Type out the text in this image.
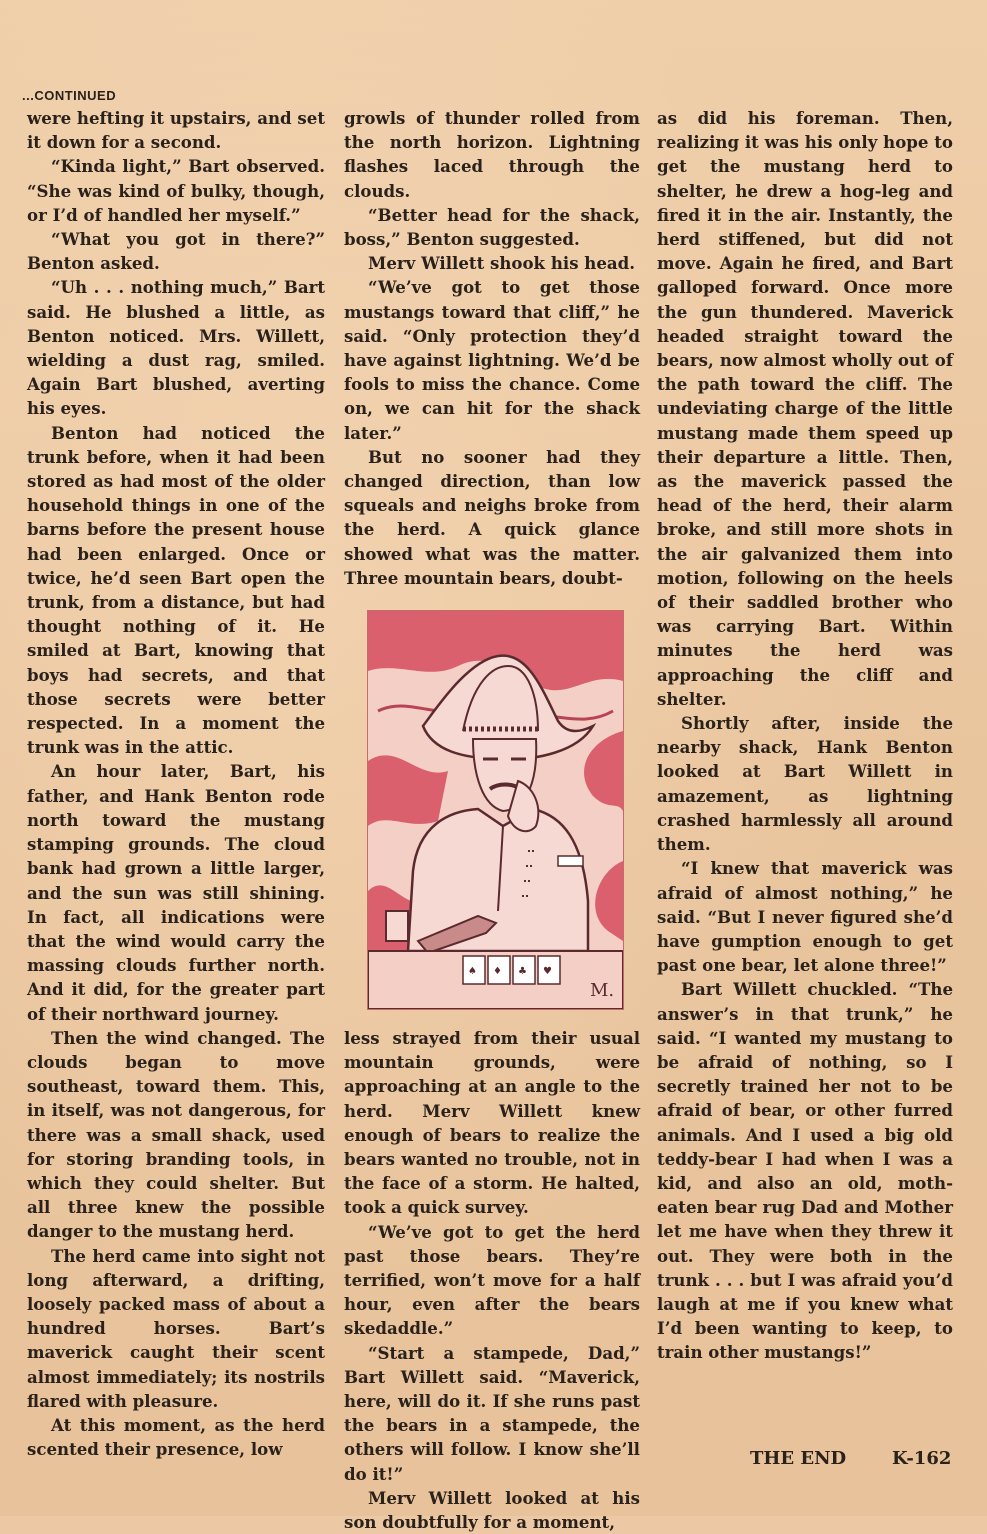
...CONTINUED

were hefting it upstairs, and set it down for a second.

“Kinda light,” Bart observed. “She was kind of bulky, though, or I’d of handled her myself.”

“What you got in there?” Benton asked.

“Uh . . . nothing much,” Bart said. He blushed a little, as Benton noticed. Mrs. Willett, wielding a dust rag, smiled. Again Bart blushed, averting his eyes.

Benton had noticed the trunk before, when it had been stored as had most of the older household things in one of the barns before the present house had been enlarged. Once or twice, he’d seen Bart open the trunk, from a distance, but had thought nothing of it. He smiled at Bart, knowing that boys had secrets, and that those secrets were better respected. In a moment the trunk was in the attic.

An hour later, Bart, his father, and Hank Benton rode north toward the mustang stamping grounds. The cloud bank had grown a little larger, and the sun was still shining. In fact, all indications were that the wind would carry the massing clouds further north. And it did, for the greater part of their northward journey.

Then the wind changed. The clouds began to move southeast, toward them. This, in itself, was not dangerous, for there was a small shack, used for storing branding tools, in which they could shelter. But all three knew the possible danger to the mustang herd.

The herd came into sight not long afterward, a drifting, loosely packed mass of about a hundred horses. Bart’s maverick caught their scent almost immediately; its nostrils flared with pleasure.

At this moment, as the herd scented their presence, low

growls of thunder rolled from the north horizon. Lightning flashes laced through the clouds.

“Better head for the shack, boss,” Benton suggested.

Merv Willett shook his head.

“We’ve got to get those mustangs toward that cliff,” he said. “Only protection they’d have against lightning. We’d be fools to miss the chance. Come on, we can hit for the shack later.”

But no sooner had they changed direction, than low squeals and neighs broke from the herd. A quick glance showed what was the matter. Three mountain bears, doubt-

♠ ♦ ♣ ♥
M.

less strayed from their usual mountain grounds, were approaching at an angle to the herd. Merv Willett knew enough of bears to realize the bears wanted no trouble, not in the face of a storm. He halted, took a quick survey.

“We’ve got to get the herd past those bears. They’re terrified, won’t move for a half hour, even after the bears skedaddle.”

“Start a stampede, Dad,” Bart Willett said. “Maverick, here, will do it. If she runs past the bears in a stampede, the others will follow. I know she’ll do it!”

Merv Willett looked at his son doubtfully for a moment,

as did his foreman. Then, realizing it was his only hope to get the mustang herd to shelter, he drew a hog-leg and fired it in the air. Instantly, the herd stiffened, but did not move. Again he fired, and Bart galloped forward. Once more the gun thundered. Maverick headed straight toward the bears, now almost wholly out of the path toward the cliff. The undeviating charge of the little mustang made them speed up their departure a little. Then, as the maverick passed the head of the herd, their alarm broke, and still more shots in the air galvanized them into motion, following on the heels of their saddled brother who was carrying Bart. Within minutes the herd was approaching the cliff and shelter.

Shortly after, inside the nearby shack, Hank Benton looked at Bart Willett in amazement, as lightning crashed harmlessly all around them.

“I knew that maverick was afraid of almost nothing,” he said. “But I never figured she’d have gumption enough to get past one bear, let alone three!”

Bart Willett chuckled. “The answer’s in that trunk,” he said. “I wanted my mustang to be afraid of nothing, so I secretly trained her not to be afraid of bear, or other furred animals. And I used a big old teddy-bear I had when I was a kid, and also an old, moth-eaten bear rug Dad and Mother let me have when they threw it out. They were both in the trunk . . . but I was afraid you’d laugh at me if you knew what I’d been wanting to keep, to train other mustangs!”

THE END	K-162
